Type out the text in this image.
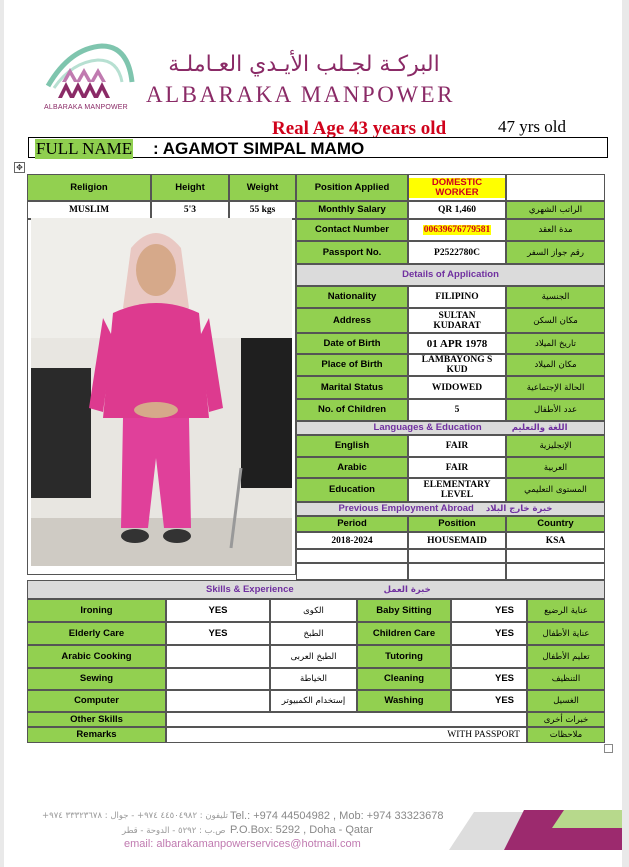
ALBARAKA MANPOWER
البركـة لجـلب الأيـدي العـاملـة
ALBARAKA MANPOWER
Real Age 43 years old	47 yrs old
FULL NAME : AGAMOT SIMPAL MAMO
✥
Religion	Height	Weight	Position Applied	DOMESTIC WORKER
MUSLIM	5'3	55 kgs	Monthly Salary	QR 1,460	الراتب الشهري
Contact Number	00639676779581	مدة العقد
Passport No.	P2522780C	رقم جواز السفر
Details of Application
Nationality	FILIPINO	الجنسية
Address	SULTAN KUDARAT	مكان السكن
Date of Birth	01 APR 1978	تاريخ الميلاد
Place of Birth	LAMBAYONG S KUD	مكان الميلاد
Marital Status	WIDOWED	الحالة الإجتماعية
No. of Children	5	عدد الأطفال
Languages & Education	اللغة والتعليم
English	FAIR	الإنجليزية
Arabic	FAIR	العربية
Education	ELEMENTARY LEVEL	المستوى التعليمي
Previous Employment Abroad خبرة خارج البلاد
Period	Position	Country
2018-2024	HOUSEMAID	KSA
Skills & Experience	خبرة العمل
Ironing	YES	الكوى	Baby Sitting	YES	عناية الرضيع
Elderly Care	YES	الطبخ	Children Care	YES	عناية الأطفال
Arabic Cooking	الطبخ العربى	Tutoring	تعليم الأطفال
Sewing	الخياطة	Cleaning	YES	التنظيف
Computer	إستخدام الكمبيوتر	Washing	YES	الغسيل
Other Skills	خبرات أخرى
Remarks	WITH PASSPORT	ملاحظات
تليفون : ٤٤٥٠٤٩٨٢ ٩٧٤+ - جوال : ٣٣٣٢٣٦٧٨ ٩٧٤+
ص.ب : ٥٢٩٢ - الدوحة - قطر
Tel.: +974 44504982 , Mob: +974 33323678
P.O.Box: 5292 , Doha - Qatar
email: albarakamanpowerservices@hotmail.com
